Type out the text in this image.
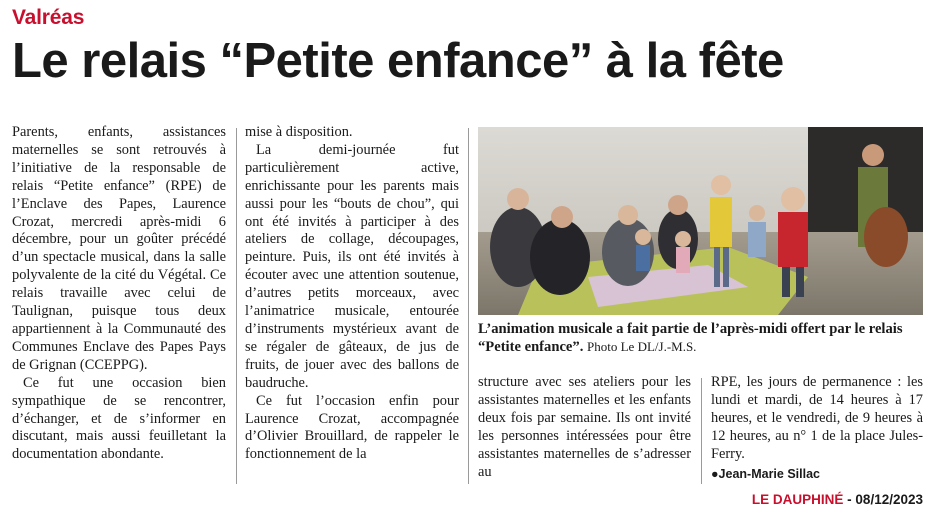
Valréas
Le relais “Petite enfance” à la fête

Parents, enfants, assistances maternelles se sont retrouvés à l’initiative de la responsable de relais “Petite enfance” (RPE) de l’Enclave des Papes, Laurence Crozat, mercredi après-midi 6 décembre, pour un goûter précédé d’un spectacle musical, dans la salle polyvalente de la cité du Végétal. Ce relais travaille avec celui de Taulignan, puisque tous deux appartiennent à la Communauté des Communes Enclave des Papes Pays de Grignan (CCEPPG).

Ce fut une occasion bien sympathique de se rencontrer, d’échanger, et de s’informer en discutant, mais aussi feuilletant la documentation abondante.

mise à disposition.

La demi-journée fut particulièrement active, enrichissante pour les parents mais aussi pour les “bouts de chou”, qui ont été invités à participer à des ateliers de collage, découpages, peinture. Puis, ils ont été invités à écouter avec une attention soutenue, d’autres petits morceaux, avec l’animatrice musicale, entourée d’instruments mystérieux avant de se régaler de gâteaux, de jus de fruits, de jouer avec des ballons de baudruche.

Ce fut l’occasion enfin pour Laurence Crozat, accompagnée d’Olivier Brouillard, de rappeler le fonctionnement de la

L’animation musicale a fait partie de l’après-midi offert par le relais “Petite enfance”. Photo Le DL/J.-M.S.

structure avec ses ateliers pour les assistantes maternelles et les enfants deux fois par semaine. Ils ont invité les personnes intéressées pour être assistantes maternelles de s’adresser au

RPE, les jours de permanence : les lundi et mardi, de 14 heures à 17 heures, et le vendredi, de 9 heures à 12 heures, au n° 1 de la place Jules-Ferry.

●Jean-Marie Sillac
LE DAUPHINÉ - 08/12/2023
